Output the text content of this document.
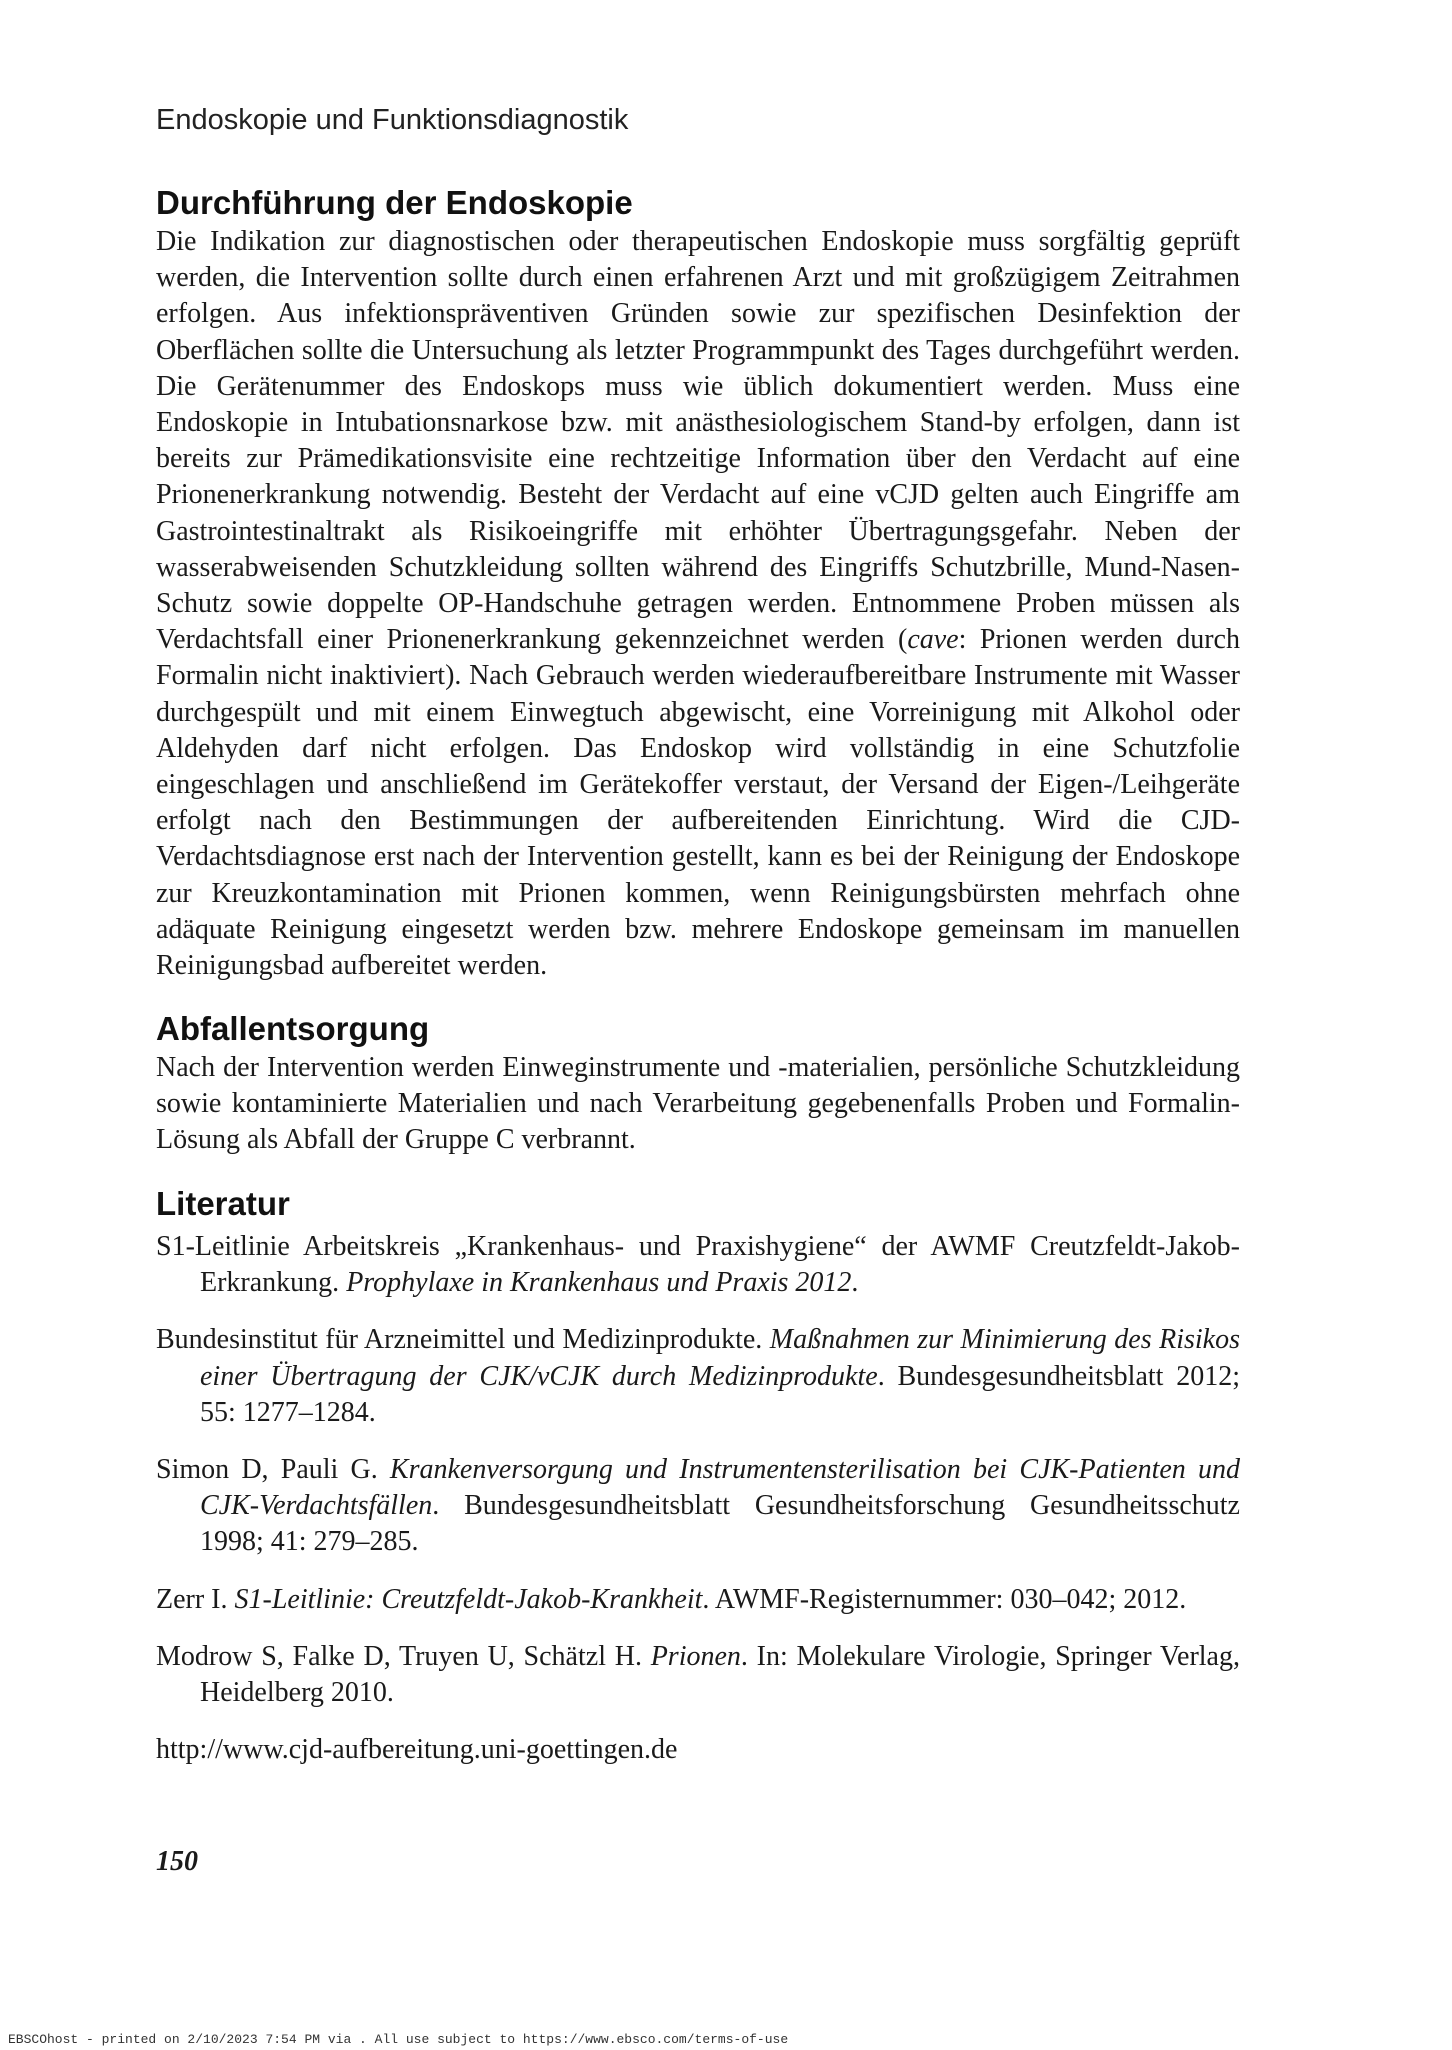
Endoskopie und Funktionsdiagnostik
Durchführung der Endoskopie

Die Indikation zur diagnostischen oder therapeutischen Endoskopie muss sorgfältig geprüft werden, die Intervention sollte durch einen erfahrenen Arzt und mit großzügigem Zeitrahmen erfolgen. Aus infektionspräventiven Gründen sowie zur spezifischen Desinfektion der Oberflächen sollte die Untersuchung als letzter Programmpunkt des Tages durchgeführt werden. Die Gerätenummer des Endoskops muss wie üblich dokumentiert werden. Muss eine Endoskopie in Intubationsnarkose bzw. mit anästhesiologischem Stand-by erfolgen, dann ist bereits zur Prämedikationsvisite eine rechtzeitige Information über den Verdacht auf eine Prionenerkrankung notwendig. Besteht der Verdacht auf eine vCJD gelten auch Eingriffe am Gastrointestinaltrakt als Risikoeingriffe mit erhöhter Übertragungsgefahr. Neben der wasserabweisenden Schutzkleidung sollten während des Eingriffs Schutzbrille, Mund-Nasen-Schutz sowie doppelte OP-Handschuhe getragen werden. Entnommene Proben müssen als Verdachtsfall einer Prionenerkrankung gekennzeichnet werden (cave: Prionen werden durch Formalin nicht inaktiviert). Nach Gebrauch werden wiederaufbereitbare Instrumente mit Wasser durchgespült und mit einem Einwegtuch abgewischt, eine Vorreinigung mit Alkohol oder Aldehyden darf nicht erfolgen. Das Endoskop wird vollständig in eine Schutzfolie eingeschlagen und anschließend im Gerätekoffer verstaut, der Versand der Eigen-/Leihgeräte erfolgt nach den Bestimmungen der aufbereitenden Einrichtung. Wird die CJD-Verdachtsdiagnose erst nach der Intervention gestellt, kann es bei der Reinigung der Endoskope zur Kreuzkontamination mit Prionen kommen, wenn Reinigungsbürsten mehrfach ohne adäquate Reinigung eingesetzt werden bzw. mehrere Endoskope gemeinsam im manuellen Reinigungsbad aufbereitet werden.

Abfallentsorgung

Nach der Intervention werden Einweginstrumente und -materialien, persönliche Schutzkleidung sowie kontaminierte Materialien und nach Verarbeitung gegebenenfalls Proben und Formalin-Lösung als Abfall der Gruppe C verbrannt.

Literatur

S1-Leitlinie Arbeitskreis „Krankenhaus- und Praxishygiene“ der AWMF Creutzfeldt-Jakob-Erkrankung. Prophylaxe in Krankenhaus und Praxis 2012.

Bundesinstitut für Arzneimittel und Medizinprodukte. Maßnahmen zur Minimierung des Risikos einer Übertragung der CJK/vCJK durch Medizinprodukte. Bundesgesundheitsblatt 2012; 55: 1277–1284.

Simon D, Pauli G. Krankenversorgung und Instrumentensterilisation bei CJK-Patienten und CJK-Verdachtsfällen. Bundesgesundheitsblatt Gesundheitsforschung Gesundheitsschutz 1998; 41: 279–285.

Zerr I. S1-Leitlinie: Creutzfeldt-Jakob-Krankheit. AWMF-Registernummer: 030–042; 2012.

Modrow S, Falke D, Truyen U, Schätzl H. Prionen. In: Molekulare Virologie, Springer Verlag, Heidelberg 2010.

http://www.cjd-aufbereitung.uni-goettingen.de

150
EBSCOhost - printed on 2/10/2023 7:54 PM via . All use subject to https://www.ebsco.com/terms-of-use
